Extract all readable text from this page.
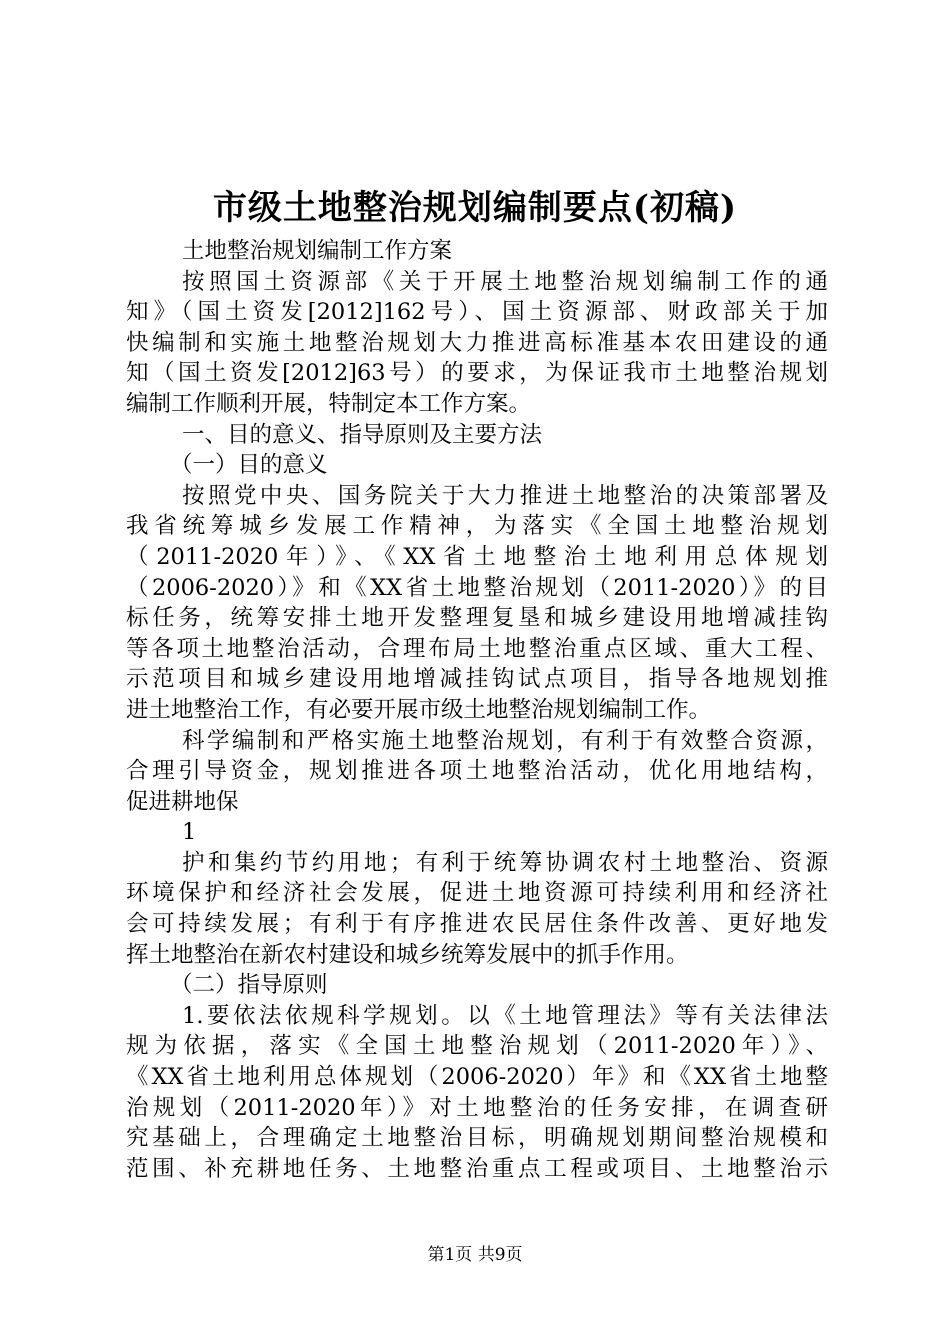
市级土地整治规划编制要点(初稿)
土地整治规划编制工作方案
按照国土资源部《关于开展土地整治规划编制工作的通
知》（国土资发[2012]162号）、国土资源部、财政部关于加
快编制和实施土地整治规划大力推进高标准基本农田建设的通
知（国土资发[2012]63号）的要求，为保证我市土地整治规划
编制工作顺利开展，特制定本工作方案。
一、目的意义、指导原则及主要方法
（一）目的意义
按照党中央、国务院关于大力推进土地整治的决策部署及
我省统筹城乡发展工作精神，为落实《全国土地整治规划
（2011-2020年）》、《XX省土地整治土地利用总体规划
（2006-2020）》和《XX省土地整治规划（2011-2020）》的目
标任务，统筹安排土地开发整理复垦和城乡建设用地增减挂钩
等各项土地整治活动，合理布局土地整治重点区域、重大工程、
示范项目和城乡建设用地增减挂钩试点项目，指导各地规划推
进土地整治工作，有必要开展市级土地整治规划编制工作。
科学编制和严格实施土地整治规划，有利于有效整合资源，
合理引导资金，规划推进各项土地整治活动，优化用地结构，
促进耕地保
1
护和集约节约用地；有利于统筹协调农村土地整治、资源
环境保护和经济社会发展，促进土地资源可持续利用和经济社
会可持续发展；有利于有序推进农民居住条件改善、更好地发
挥土地整治在新农村建设和城乡统筹发展中的抓手作用。
（二）指导原则
1.要依法依规科学规划。以《土地管理法》等有关法律法
规为依据，落实《全国土地整治规划（2011-2020年）》、
《XX省土地利用总体规划（2006-2020）年》和《XX省土地整
治规划（2011-2020年）》对土地整治的任务安排，在调查研
究基础上，合理确定土地整治目标，明确规划期间整治规模和
范围、补充耕地任务、土地整治重点工程或项目、土地整治示
第1页 共9页
